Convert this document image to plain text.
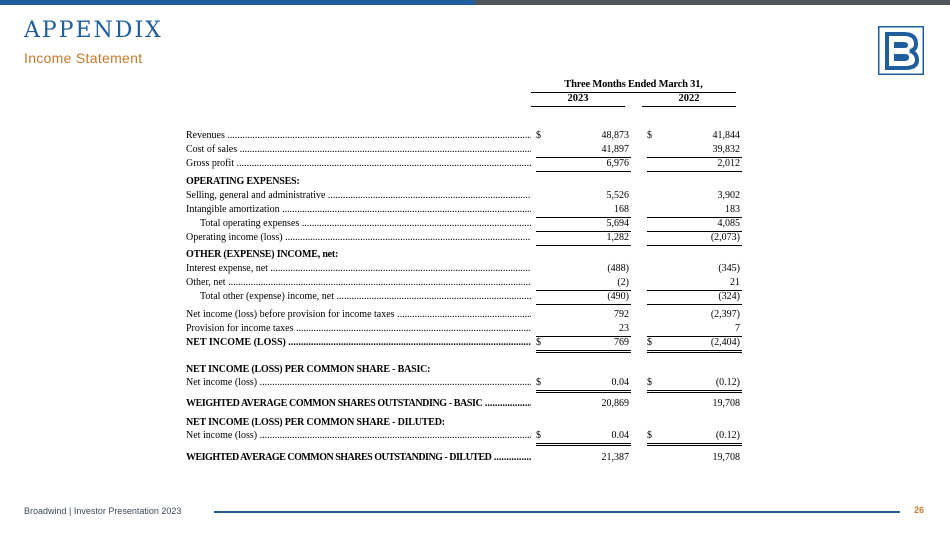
APPENDIX
Income Statement
Three Months Ended March 31,
2023	2022
Revenues .....	$	48,873 $	41,844
Cost of sales .....	41,897	39,832
Gross profit .....	6,976	2,012
OPERATING EXPENSES:
Selling, general and administrative .....	5,526	3,902
Intangible amortization .....	168	183
Total operating expenses .....	5,694	4,085
Operating income (loss) .....	1,282	(2,073)
OTHER (EXPENSE) INCOME, net:
Interest expense, net .....	(488)	(345)
Other, net .....	(2)	21
Total other (expense) income, net .....	(490)	(324)
Net income (loss) before provision for income taxes .....	792	(2,397)
Provision for income taxes .....	23	7
NET INCOME (LOSS) .....	$	769 $	(2,404)
NET INCOME (LOSS) PER COMMON SHARE - BASIC:
Net income (loss) .....	$	0.04 $	(0.12)
WEIGHTED AVERAGE COMMON SHARES OUTSTANDING - BASIC .....	20,869	19,708
NET INCOME (LOSS) PER COMMON SHARE - DILUTED:
Net income (loss) .....	$	0.04 $	(0.12)
WEIGHTED AVERAGE COMMON SHARES OUTSTANDING - DILUTED .....	21,387	19,708
Broadwind | Investor Presentation 2023	26
